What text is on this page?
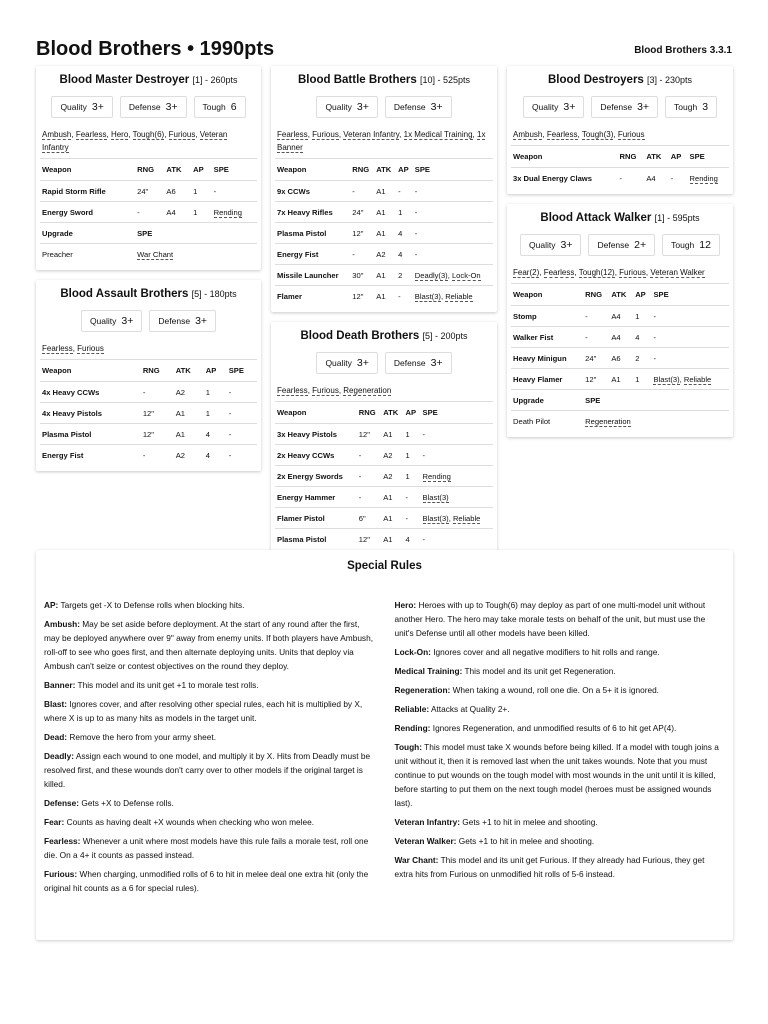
Blood Brothers • 1990pts	Blood Brothers 3.3.1
Blood Master Destroyer [1] - 260pts
Quality 3+	Defense 3+	Tough 6
Ambush, Fearless, Hero, Tough(6), Furious, Veteran Infantry
Weapon	RNG	ATK	AP	SPE
Rapid Storm Rifle	24"	A6	1	-
Energy Sword	-	A4	1	Rending
Upgrade	SPE			
Preacher	War Chant			
Blood Assault Brothers [5] - 180pts
Quality 3+	Defense 3+
Fearless, Furious
Weapon	RNG	ATK	AP	SPE
4x Heavy CCWs	-	A2	1	-
4x Heavy Pistols	12"	A1	1	-
Plasma Pistol	12"	A1	4	-
Energy Fist	-	A2	4	-
Blood Battle Brothers [10] - 525pts
Quality 3+	Defense 3+
Fearless, Furious, Veteran Infantry, 1x Medical Training, 1x Banner
Weapon	RNG	ATK	AP	SPE
9x CCWs	-	A1	-	-
7x Heavy Rifles	24"	A1	1	-
Plasma Pistol	12"	A1	4	-
Energy Fist	-	A2	4	-
Missile Launcher	30"	A1	2	Deadly(3), Lock-On
Flamer	12"	A1	-	Blast(3), Reliable
Blood Death Brothers [5] - 200pts
Quality 3+	Defense 3+
Fearless, Furious, Regeneration
Weapon	RNG	ATK	AP	SPE
3x Heavy Pistols	12"	A1	1	-
2x Heavy CCWs	-	A2	1	-
2x Energy Swords	-	A2	1	Rending
Energy Hammer	-	A1	-	Blast(3)
Flamer Pistol	6"	A1	-	Blast(3), Reliable
Plasma Pistol	12"	A1	4	-
Blood Destroyers [3] - 230pts
Quality 3+	Defense 3+	Tough 3
Ambush, Fearless, Tough(3), Furious
Weapon	RNG	ATK	AP	SPE
3x Dual Energy Claws	-	A4	-	Rending
Blood Attack Walker [1] - 595pts
Quality 3+	Defense 2+	Tough 12
Fear(2), Fearless, Tough(12), Furious, Veteran Walker
Weapon	RNG	ATK	AP	SPE
Stomp	-	A4	1	-
Walker Fist	-	A4	4	-
Heavy Minigun	24"	A6	2	-
Heavy Flamer	12"	A1	1	Blast(3), Reliable
Upgrade	SPE			
Death Pilot	Regeneration			
Special Rules
AP: Targets get -X to Defense rolls when blocking hits.
Ambush: May be set aside before deployment. At the start of any round after the first, may be deployed anywhere over 9" away from enemy units. If both players have Ambush, roll-off to see who goes first, and then alternate deploying units. Units that deploy via Ambush can't seize or contest objectives on the round they deploy.
Banner: This model and its unit get +1 to morale test rolls.
Blast: Ignores cover, and after resolving other special rules, each hit is multiplied by X, where X is up to as many hits as models in the target unit.
Dead: Remove the hero from your army sheet.
Deadly: Assign each wound to one model, and multiply it by X. Hits from Deadly must be resolved first, and these wounds don't carry over to other models if the original target is killed.
Defense: Gets +X to Defense rolls.
Fear: Counts as having dealt +X wounds when checking who won melee.
Fearless: Whenever a unit where most models have this rule fails a morale test, roll one die. On a 4+ it counts as passed instead.
Furious: When charging, unmodified rolls of 6 to hit in melee deal one extra hit (only the original hit counts as a 6 for special rules).
Hero: Heroes with up to Tough(6) may deploy as part of one multi-model unit without another Hero. The hero may take morale tests on behalf of the unit, but must use the unit's Defense until all other models have been killed.
Lock-On: Ignores cover and all negative modifiers to hit rolls and range.
Medical Training: This model and its unit get Regeneration.
Regeneration: When taking a wound, roll one die. On a 5+ it is ignored.
Reliable: Attacks at Quality 2+.
Rending: Ignores Regeneration, and unmodified results of 6 to hit get AP(4).
Tough: This model must take X wounds before being killed. If a model with tough joins a unit without it, then it is removed last when the unit takes wounds. Note that you must continue to put wounds on the tough model with most wounds in the unit until it is killed, before starting to put them on the next tough model (heroes must be assigned wounds last).
Veteran Infantry: Gets +1 to hit in melee and shooting.
Veteran Walker: Gets +1 to hit in melee and shooting.
War Chant: This model and its unit get Furious. If they already had Furious, they get extra hits from Furious on unmodified hit rolls of 5-6 instead.
